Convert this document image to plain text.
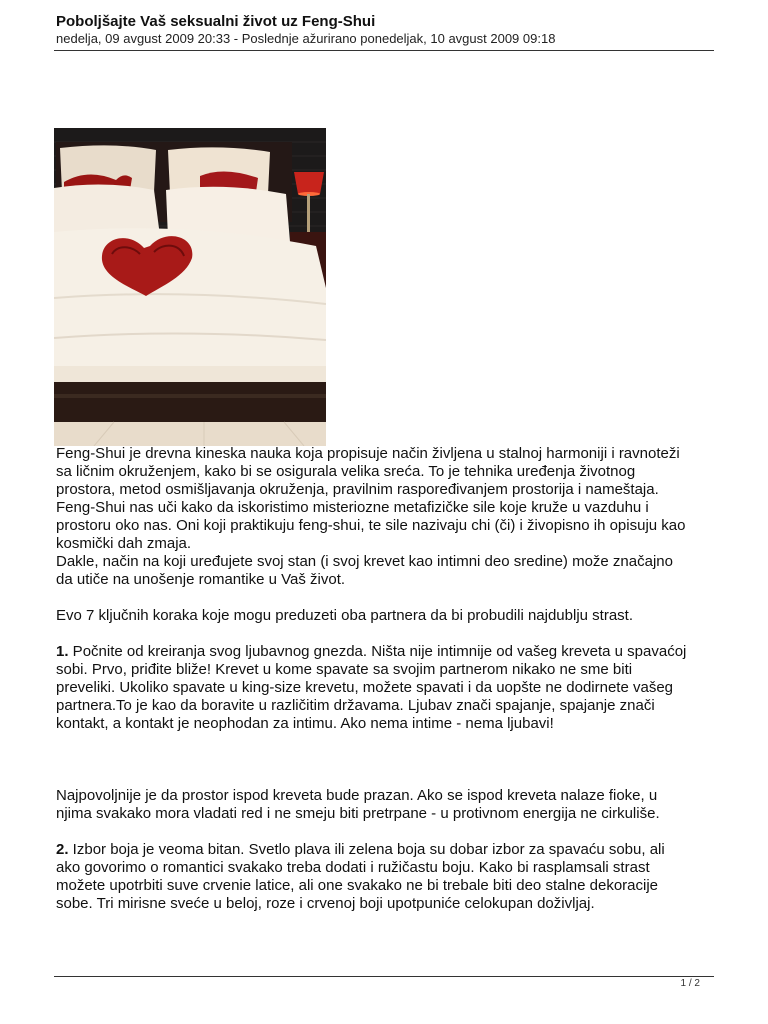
Poboljšajte Vaš seksualni život uz Feng-Shui
nedelja, 09 avgust 2009 20:33 - Poslednje ažurirano ponedeljak, 10 avgust 2009 09:18

Feng-Shui je drevna kineska nauka koja propisuje način življena u stalnoj harmoniji i ravnoteži

sa ličnim okruženjem, kako bi se osigurala velika sreća. To je tehnika uređenja životnog

prostora, metod osmišljavanja okruženja, pravilnim raspoređivanjem prostorija i nameštaja.

Feng-Shui nas uči kako da iskoristimo misteriozne metafizičke sile koje kruže u vazduhu i

prostoru oko nas. Oni koji praktikuju feng-shui, te sile nazivaju chi (či) i živopisno ih opisuju kao

kosmički dah zmaja.

Dakle, način na koji uređujete svoj stan (i svoj krevet kao intimni deo sredine) može značajno

da utiče na unošenje romantike u Vaš život.

Evo 7 ključnih koraka koje mogu preduzeti oba partnera da bi probudili najdublju strast.

1. Počnite od kreiranja svog ljubavnog gnezda. Ništa nije intimnije od vašeg kreveta u spavaćoj

sobi. Prvo, priđite bliže! Krevet u kome spavate sa svojim partnerom nikako ne sme biti

preveliki. Ukoliko spavate u king-size krevetu, možete spavati i da uopšte ne dodirnete vašeg

partnera.To je kao da boravite u različitim državama. Ljubav znači spajanje, spajanje znači

kontakt, a kontakt je neophodan za intimu. Ako nema intime - nema ljubavi!

Najpovoljnije je da prostor ispod kreveta bude prazan. Ako se ispod kreveta nalaze fioke, u

njima svakako mora vladati red i ne smeju biti pretrpane - u protivnom energija ne cirkuliše.

2. Izbor boja je veoma bitan. Svetlo plava ili zelena boja su dobar izbor za spavaću sobu, ali

ako govorimo o romantici svakako treba dodati i ružičastu boju. Kako bi rasplamsali strast

možete upotrbiti suve crvenie latice, ali one svakako ne bi trebale biti deo stalne dekoracije

sobe. Tri mirisne sveće u beloj, roze i crvenoj boji upotpuniće celokupan doživljaj.

1 / 2
